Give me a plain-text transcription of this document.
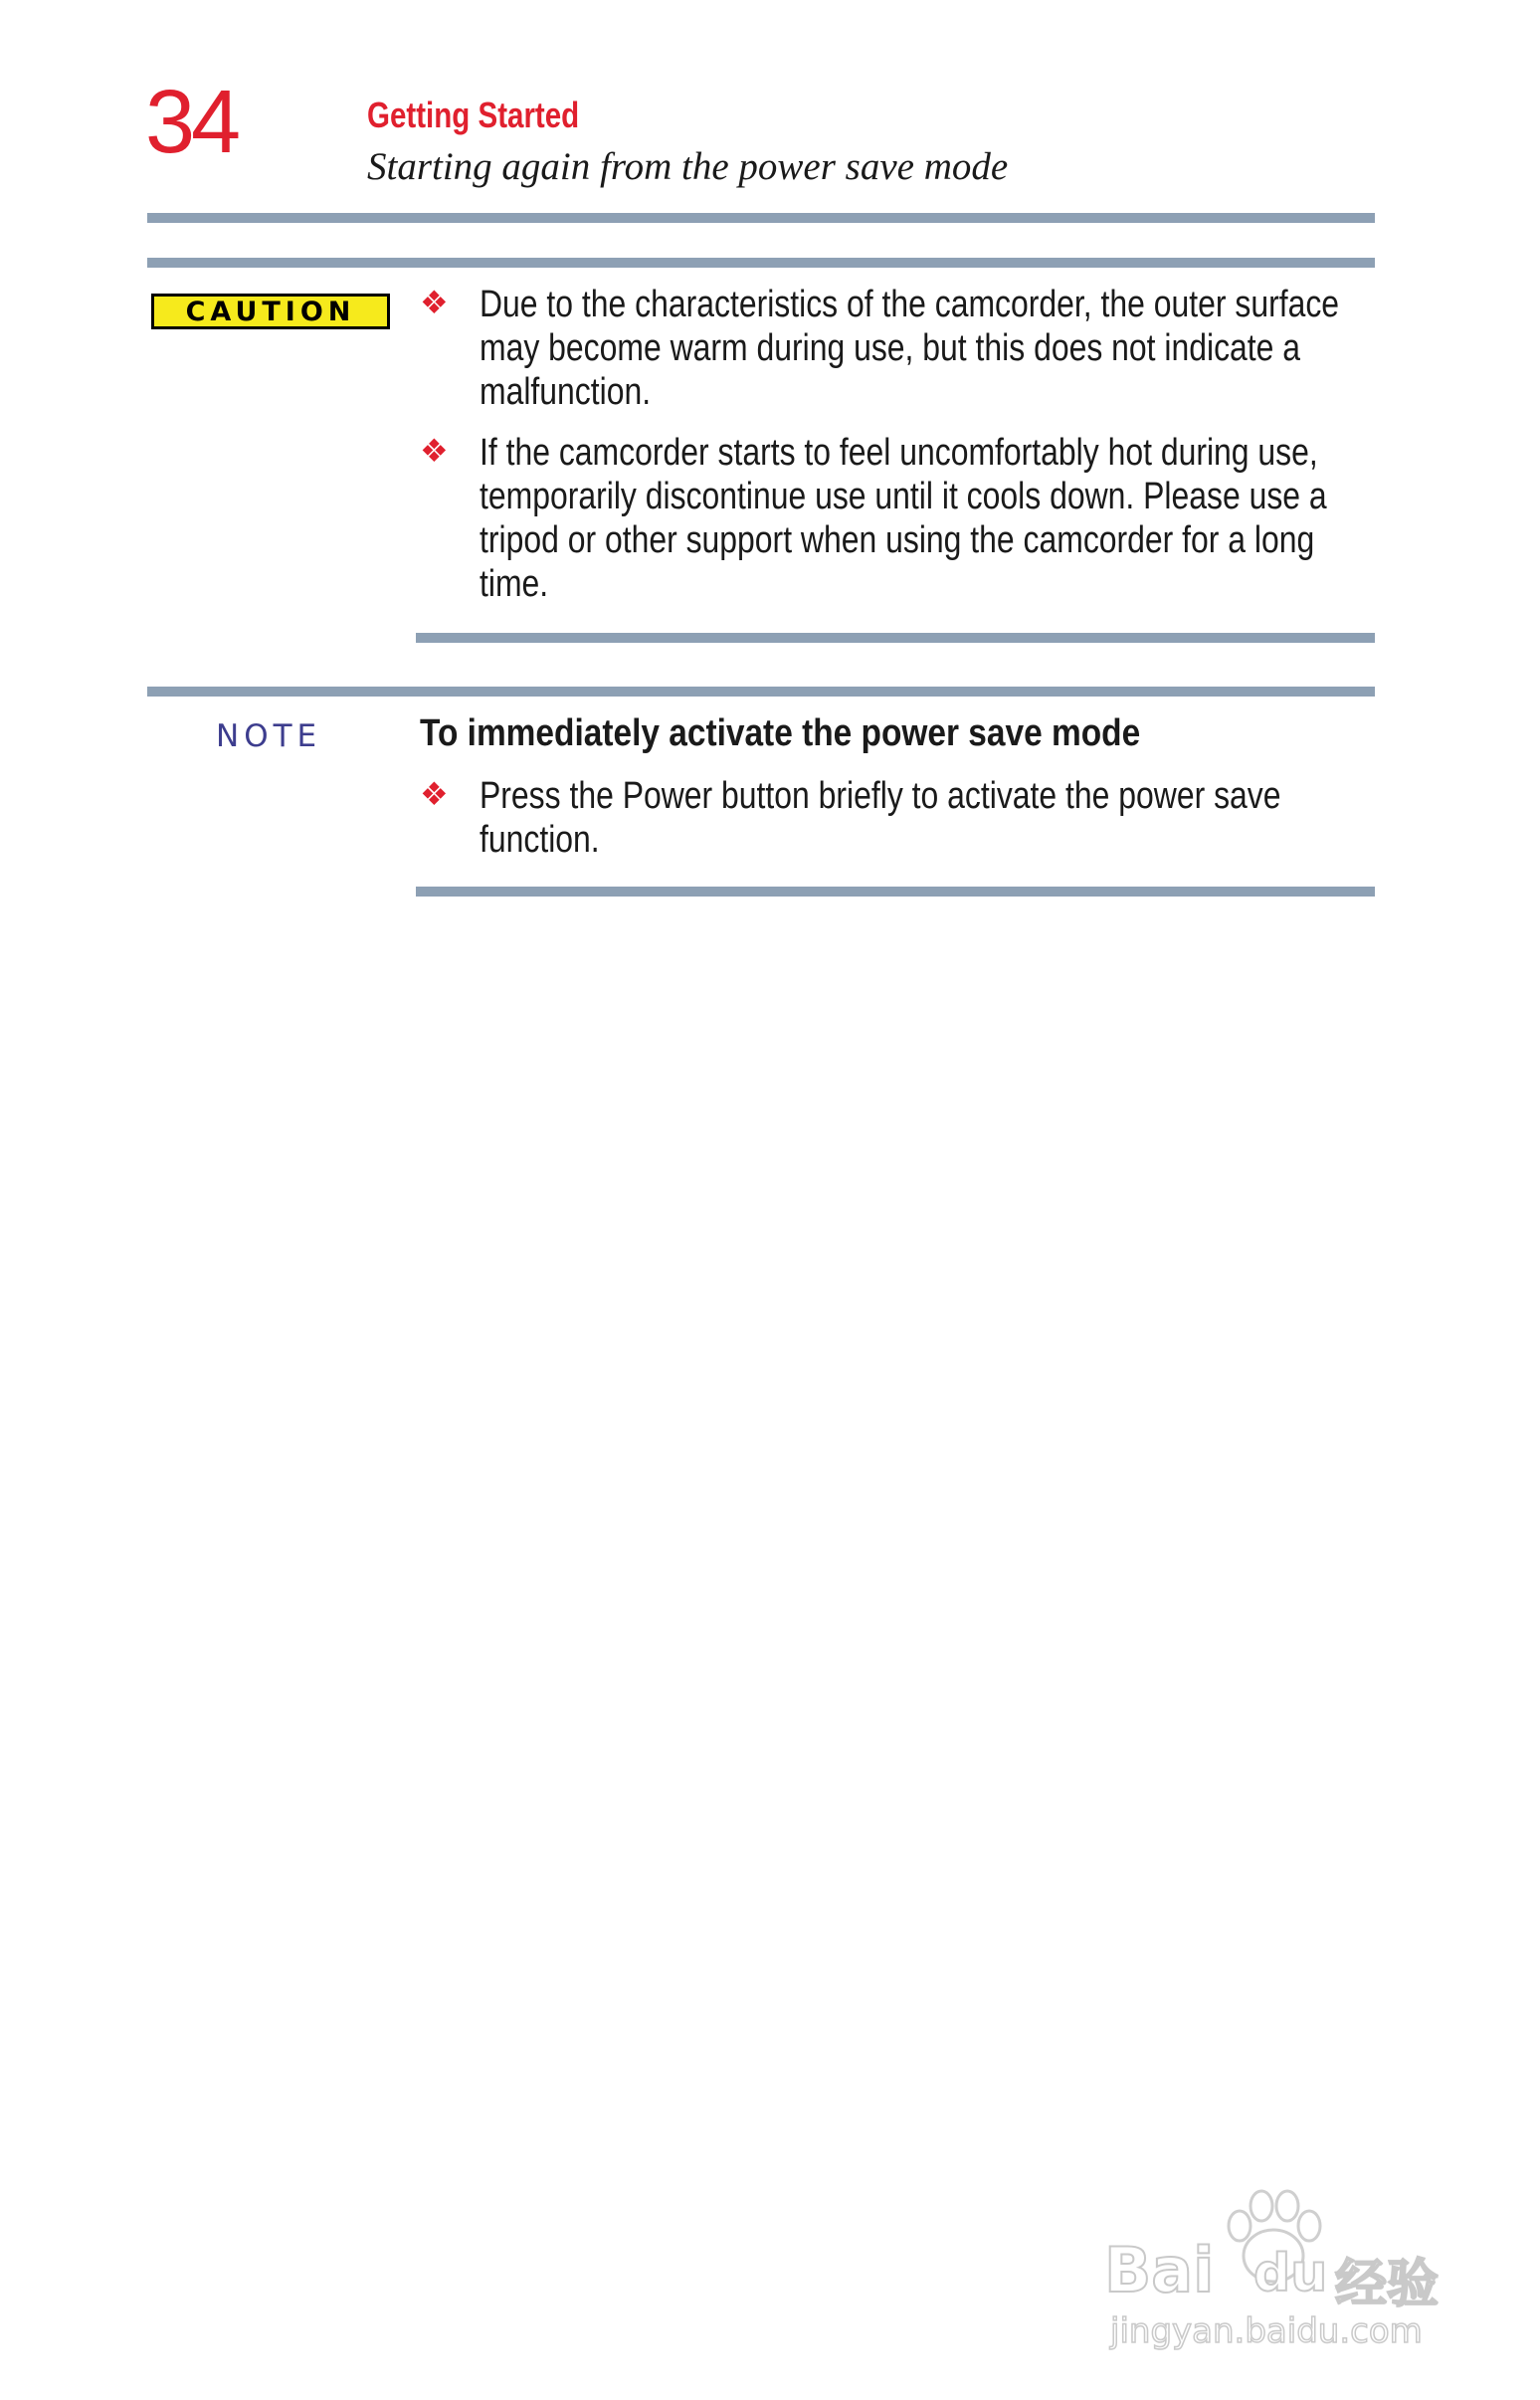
34	Getting Started
Starting again from the power save mode
CAUTION	❖ Due to the characteristics of the camcorder, the outer surface may become warm during use, but this does not indicate a malfunction.
❖ If the camcorder starts to feel uncomfortably hot during use, temporarily discontinue use until it cools down. Please use a tripod or other support when using the camcorder for a long time.
NOTE	To immediately activate the power save mode
❖ Press the Power button briefly to activate the power save function.
Bai du 经验
jingyan.baidu.com
